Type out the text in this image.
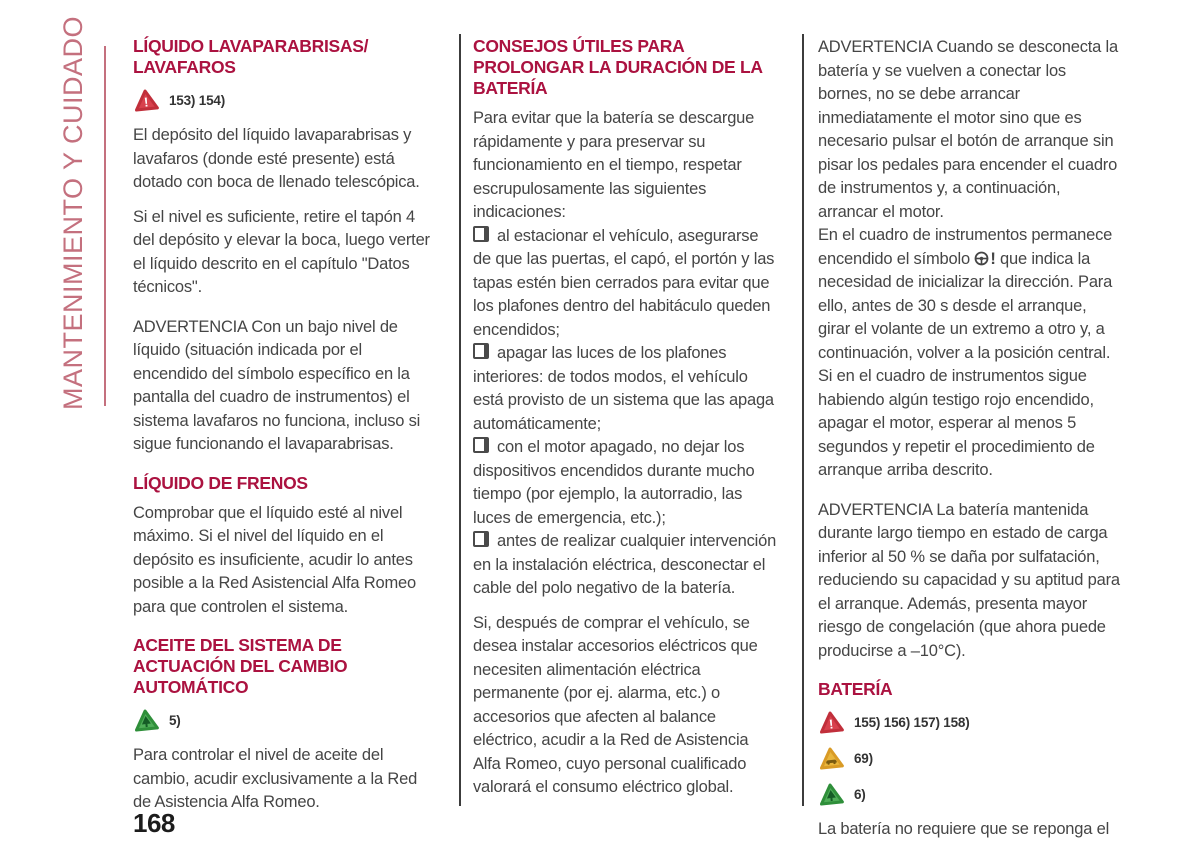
MANTENIMIENTO Y CUIDADO	LÍQUIDO LAVAPARABRISAS/ LAVAFAROS
! 153) 154)

El depósito del líquido lavaparabrisas y lavafaros (donde esté presente) está dotado con boca de llenado telescópica.

Si el nivel es suficiente, retire el tapón 4 del depósito y elevar la boca, luego verter el líquido descrito en el capítulo "Datos técnicos".

ADVERTENCIA Con un bajo nivel de líquido (situación indicada por el encendido del símbolo específico en la pantalla del cuadro de instrumentos) el sistema lavafaros no funciona, incluso si sigue funcionando el lavaparabrisas.

LÍQUIDO DE FRENOS

Comprobar que el líquido esté al nivel máximo. Si el nivel del líquido en el depósito es insuficiente, acudir lo antes posible a la Red Asistencial Alfa Romeo para que controlen el sistema.

ACEITE DEL SISTEMA DE ACTUACIÓN DEL CAMBIO AUTOMÁTICO
5)

Para controlar el nivel de aceite del cambio, acudir exclusivamente a la Red de Asistencia Alfa Romeo.

CONSEJOS ÚTILES PARA PROLONGAR LA DURACIÓN DE LA BATERÍA

Para evitar que la batería se descargue rápidamente y para preservar su funcionamiento en el tiempo, respetar escrupulosamente las siguientes indicaciones:

al estacionar el vehículo, asegurarse de que las puertas, el capó, el portón y las tapas estén bien cerrados para evitar que los plafones dentro del habitáculo queden encendidos;

apagar las luces de los plafones interiores: de todos modos, el vehículo está provisto de un sistema que las apaga automáticamente;

con el motor apagado, no dejar los dispositivos encendidos durante mucho tiempo (por ejemplo, la autorradio, las luces de emergencia, etc.);

antes de realizar cualquier intervención en la instalación eléctrica, desconectar el cable del polo negativo de la batería.

Si, después de comprar el vehículo, se desea instalar accesorios eléctricos que necesiten alimentación eléctrica permanente (por ej. alarma, etc.) o accesorios que afecten al balance eléctrico, acudir a la Red de Asistencia Alfa Romeo, cuyo personal cualificado valorará el consumo eléctrico global.

ADVERTENCIA Cuando se desconecta la batería y se vuelven a conectar los bornes, no se debe arrancar inmediatamente el motor sino que es necesario pulsar el botón de arranque sin pisar los pedales para encender el cuadro de instrumentos y, a continuación, arrancar el motor.

En el cuadro de instrumentos permanece encendido el símbolo ! que indica la necesidad de inicializar la dirección. Para ello, antes de 30 s desde el arranque, girar el volante de un extremo a otro y, a continuación, volver a la posición central. Si en el cuadro de instrumentos sigue habiendo algún testigo rojo encendido, apagar el motor, esperar al menos 5 segundos y repetir el procedimiento de arranque arriba descrito.

ADVERTENCIA La batería mantenida durante largo tiempo en estado de carga inferior al 50 % se daña por sulfatación, reduciendo su capacidad y su aptitud para el arranque. Además, presenta mayor riesgo de congelación (que ahora puede producirse a –10°C).

BATERÍA
! 155) 156) 157) 158)
69)
6)

La batería no requiere que se reponga el

168
